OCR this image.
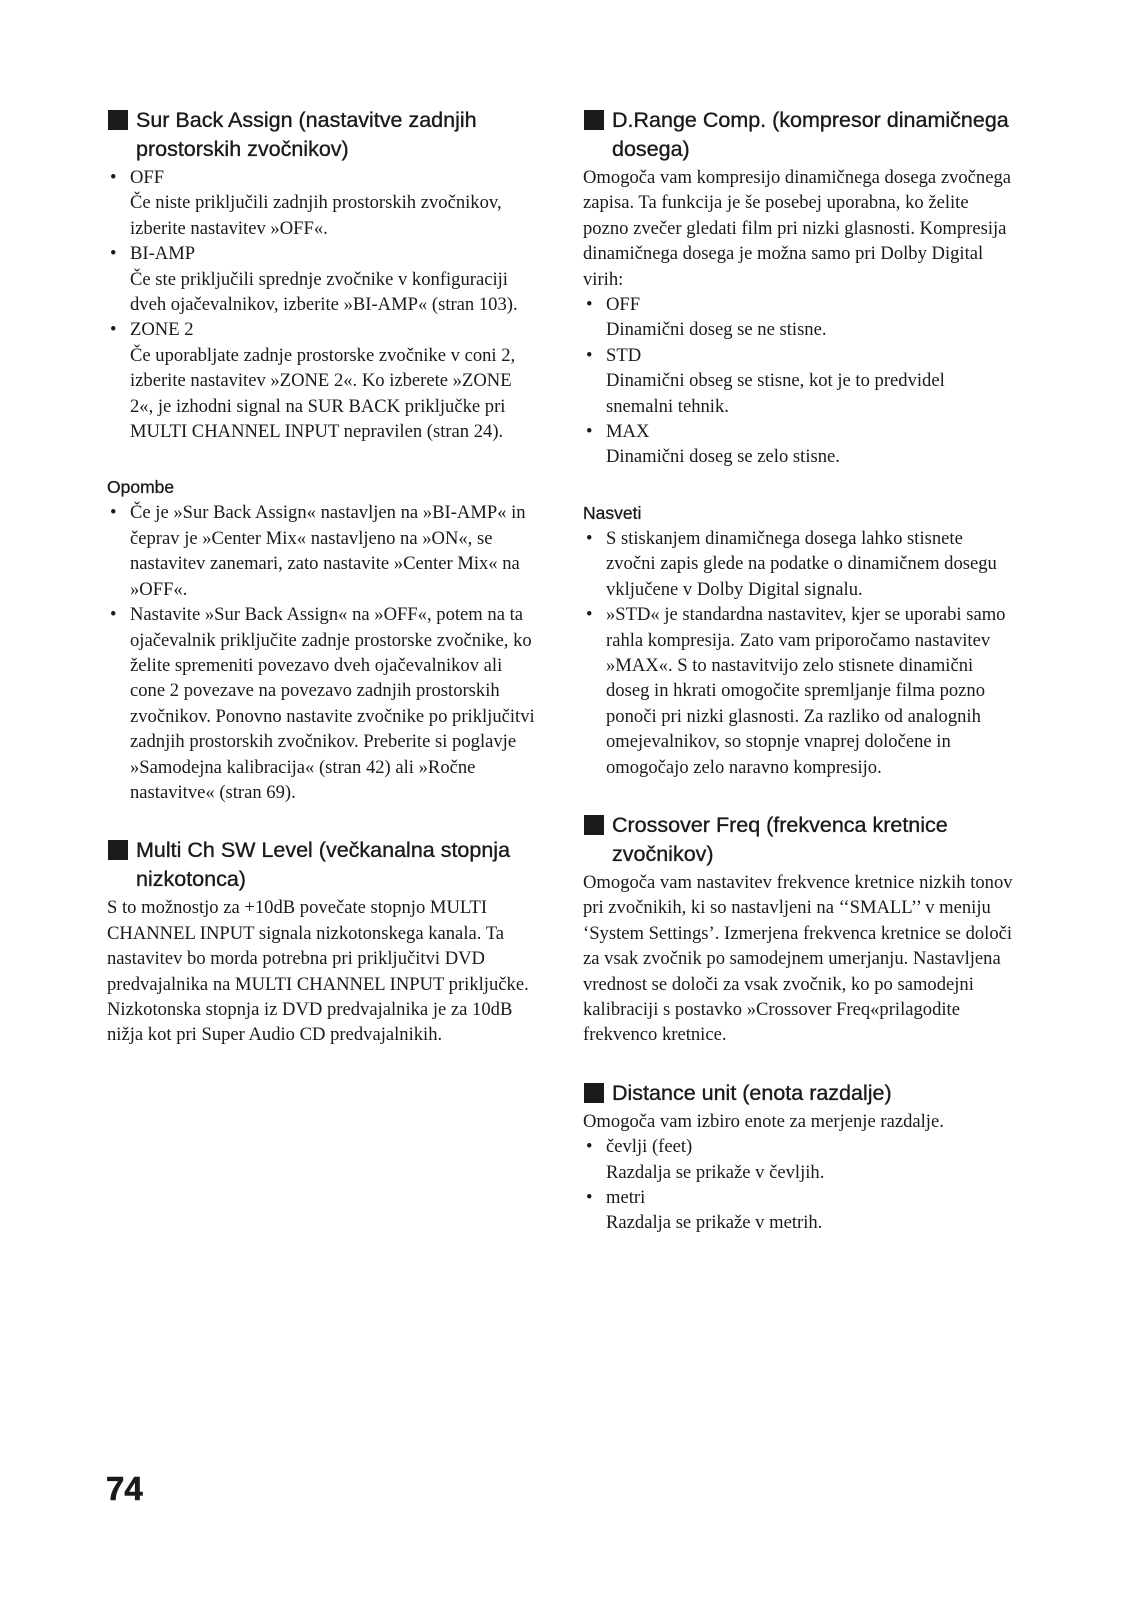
Sur Back Assign (nastavitve zadnjih prostorskih zvočnikov)
• OFF
Če niste priključili zadnjih prostorskih zvočnikov, izberite nastavitev »OFF«.
• BI-AMP
Če ste priključili sprednje zvočnike v konfiguraciji dveh ojačevalnikov, izberite »BI-AMP« (stran 103).
• ZONE 2
Če uporabljate zadnje prostorske zvočnike v coni 2, izberite nastavitev »ZONE 2«. Ko izberete »ZONE 2«, je izhodni signal na SUR BACK priključke pri MULTI CHANNEL INPUT nepravilen (stran 24).

Opombe

• Če je »Sur Back Assign« nastavljen na »BI-AMP« in čeprav je »Center Mix« nastavljeno na »ON«, se nastavitev zanemari, zato nastavite »Center Mix« na »OFF«.
• Nastavite »Sur Back Assign« na »OFF«, potem na ta ojačevalnik priključite zadnje prostorske zvočnike, ko želite spremeniti povezavo dveh ojačevalnikov ali cone 2 povezave na povezavo zadnjih prostorskih zvočnikov. Ponovno nastavite zvočnike po priključitvi zadnjih prostorskih zvočnikov. Preberite si poglavje »Samodejna kalibracija« (stran 42) ali »Ročne nastavitve« (stran 69).
Multi Ch SW Level (večkanalna stopnja nizkotonca)

S to možnostjo za +10dB povečate stopnjo MULTI CHANNEL INPUT signala nizkotonskega kanala. Ta nastavitev bo morda potrebna pri priključitvi DVD predvajalnika na MULTI CHANNEL INPUT priključke.

Nizkotonska stopnja iz DVD predvajalnika je za 10dB nižja kot pri Super Audio CD predvajalnikih.

D.Range Comp. (kompresor dinamičnega dosega)

Omogoča vam kompresijo dinamičnega dosega zvočnega zapisa. Ta funkcija je še posebej uporabna, ko želite pozno zvečer gledati film pri nizki glasnosti. Kompresija dinamičnega dosega je možna samo pri Dolby Digital virih:

• OFF
Dinamični doseg se ne stisne.
• STD
Dinamični obseg se stisne, kot je to predvidel snemalni tehnik.
• MAX
Dinamični doseg se zelo stisne.

Nasveti

• S stiskanjem dinamičnega dosega lahko stisnete zvočni zapis glede na podatke o dinamičnem dosegu vključene v Dolby Digital signalu.
• »STD« je standardna nastavitev, kjer se uporabi samo rahla kompresija. Zato vam priporočamo nastavitev »MAX«. S to nastavitvijo zelo stisnete dinamični doseg in hkrati omogočite spremljanje filma pozno ponoči pri nizki glasnosti. Za razliko od analognih omejevalnikov, so stopnje vnaprej določene in omogočajo zelo naravno kompresijo.
Crossover Freq (frekvenca kretnice zvočnikov)

Omogoča vam nastavitev frekvence kretnice nizkih tonov pri zvočnikih, ki so nastavljeni na ‘‘SMALL’’ v meniju ‘System Settings’. Izmerjena frekvenca kretnice se določi za vsak zvočnik po samodejnem umerjanju. Nastavljena vrednost se določi za vsak zvočnik, ko po samodejni kalibraciji s postavko »Crossover Freq«prilagodite frekvenco kretnice.

Distance unit (enota razdalje)

Omogoča vam izbiro enote za merjenje razdalje.

• čevlji (feet)
Razdalja se prikaže v čevljih.
• metri
Razdalja se prikaže v metrih.
74
